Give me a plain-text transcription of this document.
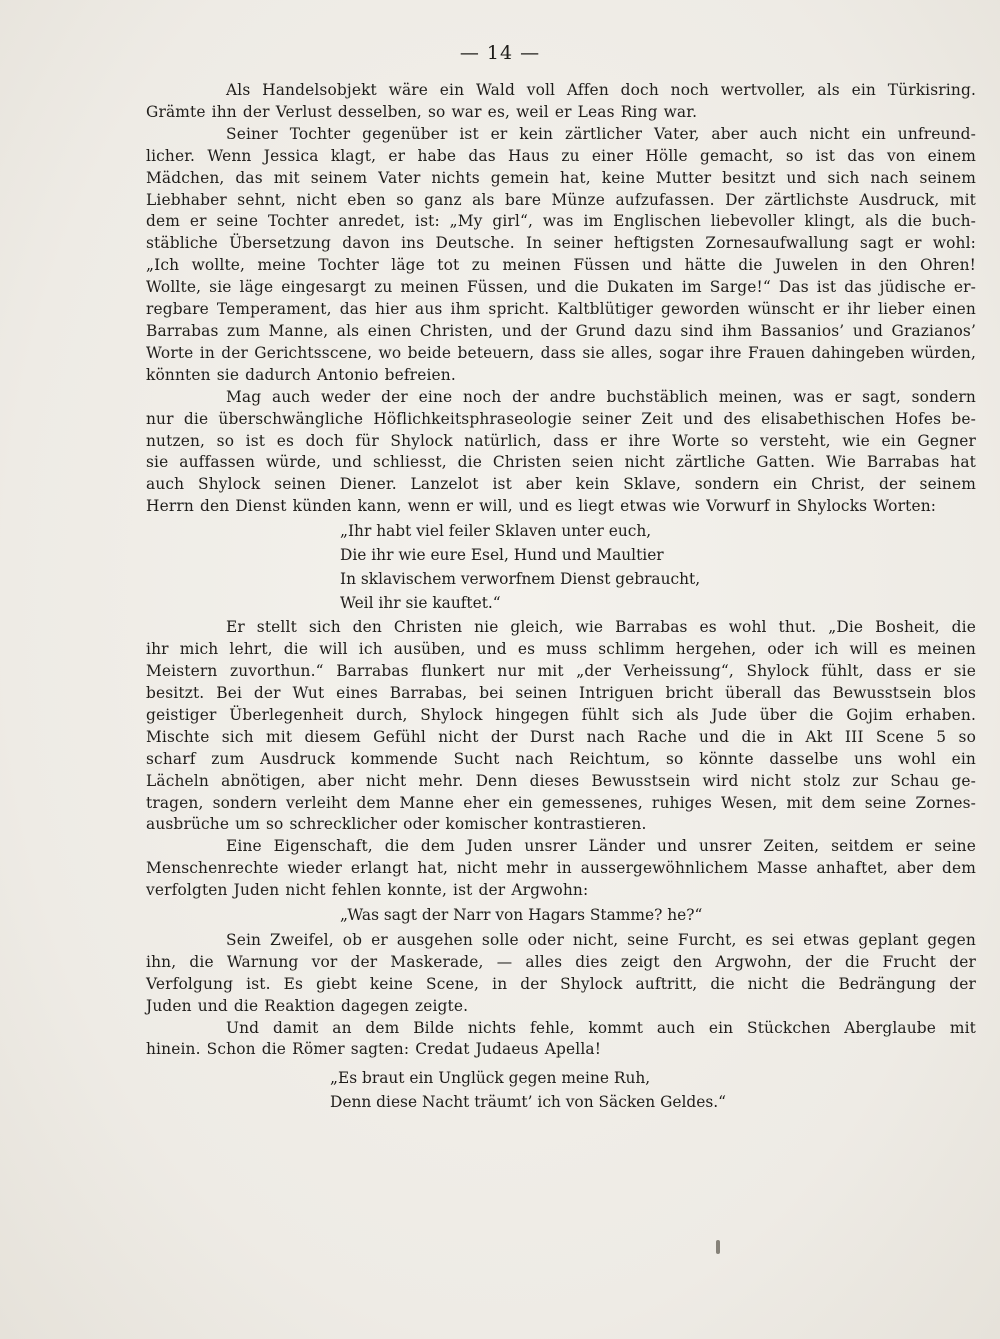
— 14 —

Als Handelsobjekt wäre ein Wald voll Affen doch noch wertvoller, als ein Türkisring.
Grämte ihn der Verlust desselben, so war es, weil er Leas Ring war.

Seiner Tochter gegenüber ist er kein zärtlicher Vater, aber auch nicht ein unfreund-
licher. Wenn Jessica klagt, er habe das Haus zu einer Hölle gemacht, so ist das von einem
Mädchen, das mit seinem Vater nichts gemein hat, keine Mutter besitzt und sich nach seinem
Liebhaber sehnt, nicht eben so ganz als bare Münze aufzufassen. Der zärtlichste Ausdruck, mit
dem er seine Tochter anredet, ist: „My girl“, was im Englischen liebevoller klingt, als die buch-
stäbliche Übersetzung davon ins Deutsche. In seiner heftigsten Zornesaufwallung sagt er wohl:
„Ich wollte, meine Tochter läge tot zu meinen Füssen und hätte die Juwelen in den Ohren!
Wollte, sie läge eingesargt zu meinen Füssen, und die Dukaten im Sarge!“ Das ist das jüdische er-
regbare Temperament, das hier aus ihm spricht. Kaltblütiger geworden wünscht er ihr lieber einen
Barrabas zum Manne, als einen Christen, und der Grund dazu sind ihm Bassanios’ und Grazianos’
Worte in der Gerichtsscene, wo beide beteuern, dass sie alles, sogar ihre Frauen dahingeben würden,
könnten sie dadurch Antonio befreien.

Mag auch weder der eine noch der andre buchstäblich meinen, was er sagt, sondern
nur die überschwängliche Höflichkeitsphraseologie seiner Zeit und des elisabethischen Hofes be-
nutzen, so ist es doch für Shylock natürlich, dass er ihre Worte so versteht, wie ein Gegner
sie auffassen würde, und schliesst, die Christen seien nicht zärtliche Gatten. Wie Barrabas hat
auch Shylock seinen Diener. Lanzelot ist aber kein Sklave, sondern ein Christ, der seinem
Herrn den Dienst künden kann, wenn er will, und es liegt etwas wie Vorwurf in Shylocks Worten:

„Ihr habt viel feiler Sklaven unter euch,
Die ihr wie eure Esel, Hund und Maultier
In sklavischem verworfnem Dienst gebraucht,
Weil ihr sie kauftet.“

Er stellt sich den Christen nie gleich, wie Barrabas es wohl thut. „Die Bosheit, die
ihr mich lehrt, die will ich ausüben, und es muss schlimm hergehen, oder ich will es meinen
Meistern zuvorthun.“ Barrabas flunkert nur mit „der Verheissung“, Shylock fühlt, dass er sie
besitzt. Bei der Wut eines Barrabas, bei seinen Intriguen bricht überall das Bewusstsein blos
geistiger Überlegenheit durch, Shylock hingegen fühlt sich als Jude über die Gojim erhaben.
Mischte sich mit diesem Gefühl nicht der Durst nach Rache und die in Akt III Scene 5 so
scharf zum Ausdruck kommende Sucht nach Reichtum, so könnte dasselbe uns wohl ein
Lächeln abnötigen, aber nicht mehr. Denn dieses Bewusstsein wird nicht stolz zur Schau ge-
tragen, sondern verleiht dem Manne eher ein gemessenes, ruhiges Wesen, mit dem seine Zornes-
ausbrüche um so schrecklicher oder komischer kontrastieren.

Eine Eigenschaft, die dem Juden unsrer Länder und unsrer Zeiten, seitdem er seine
Menschenrechte wieder erlangt hat, nicht mehr in aussergewöhnlichem Masse anhaftet, aber dem
verfolgten Juden nicht fehlen konnte, ist der Argwohn:

„Was sagt der Narr von Hagars Stamme? he?“

Sein Zweifel, ob er ausgehen solle oder nicht, seine Furcht, es sei etwas geplant gegen
ihn, die Warnung vor der Maskerade, — alles dies zeigt den Argwohn, der die Frucht der
Verfolgung ist. Es giebt keine Scene, in der Shylock auftritt, die nicht die Bedrängung der
Juden und die Reaktion dagegen zeigte.

Und damit an dem Bilde nichts fehle, kommt auch ein Stückchen Aberglaube mit
hinein. Schon die Römer sagten: Credat Judaeus Apella!

„Es braut ein Unglück gegen meine Ruh,
Denn diese Nacht träumt’ ich von Säcken Geldes.“
